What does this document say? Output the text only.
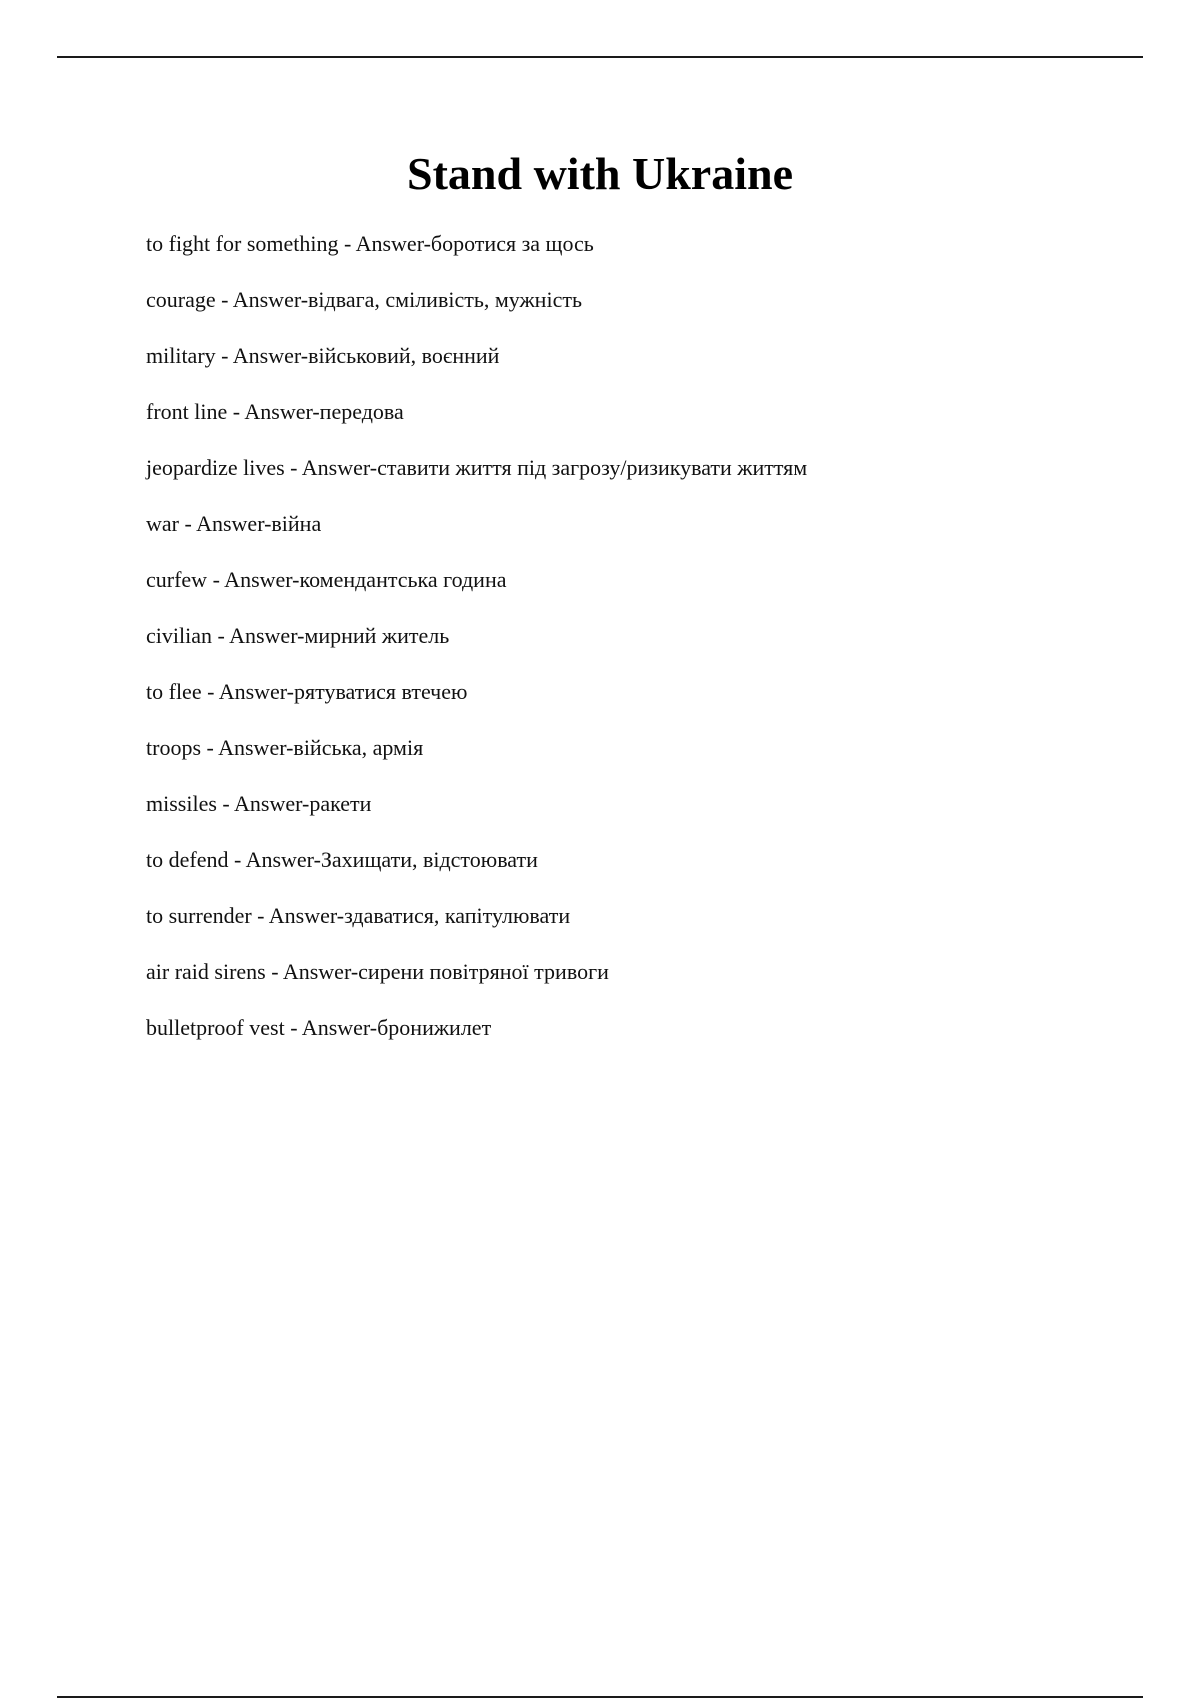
Stand with Ukraine
to fight for something - Answer-боротися за щось
courage - Answer-відвага, сміливість, мужність
military - Answer-військовий, воєнний
front line - Answer-передова
jeopardize lives - Answer-ставити життя під загрозу/ризикувати життям
war - Answer-війна
curfew - Answer-комендантська година
civilian - Answer-мирний житель
to flee - Answer-рятуватися втечею
troops - Answer-війська, армія
missiles - Answer-ракети
to defend - Answer-Захищати, відстоювати
to surrender - Answer-здаватися, капітулювати
air raid sirens - Answer-сирени повітряної тривоги
bulletproof vest - Answer-бронижилет
